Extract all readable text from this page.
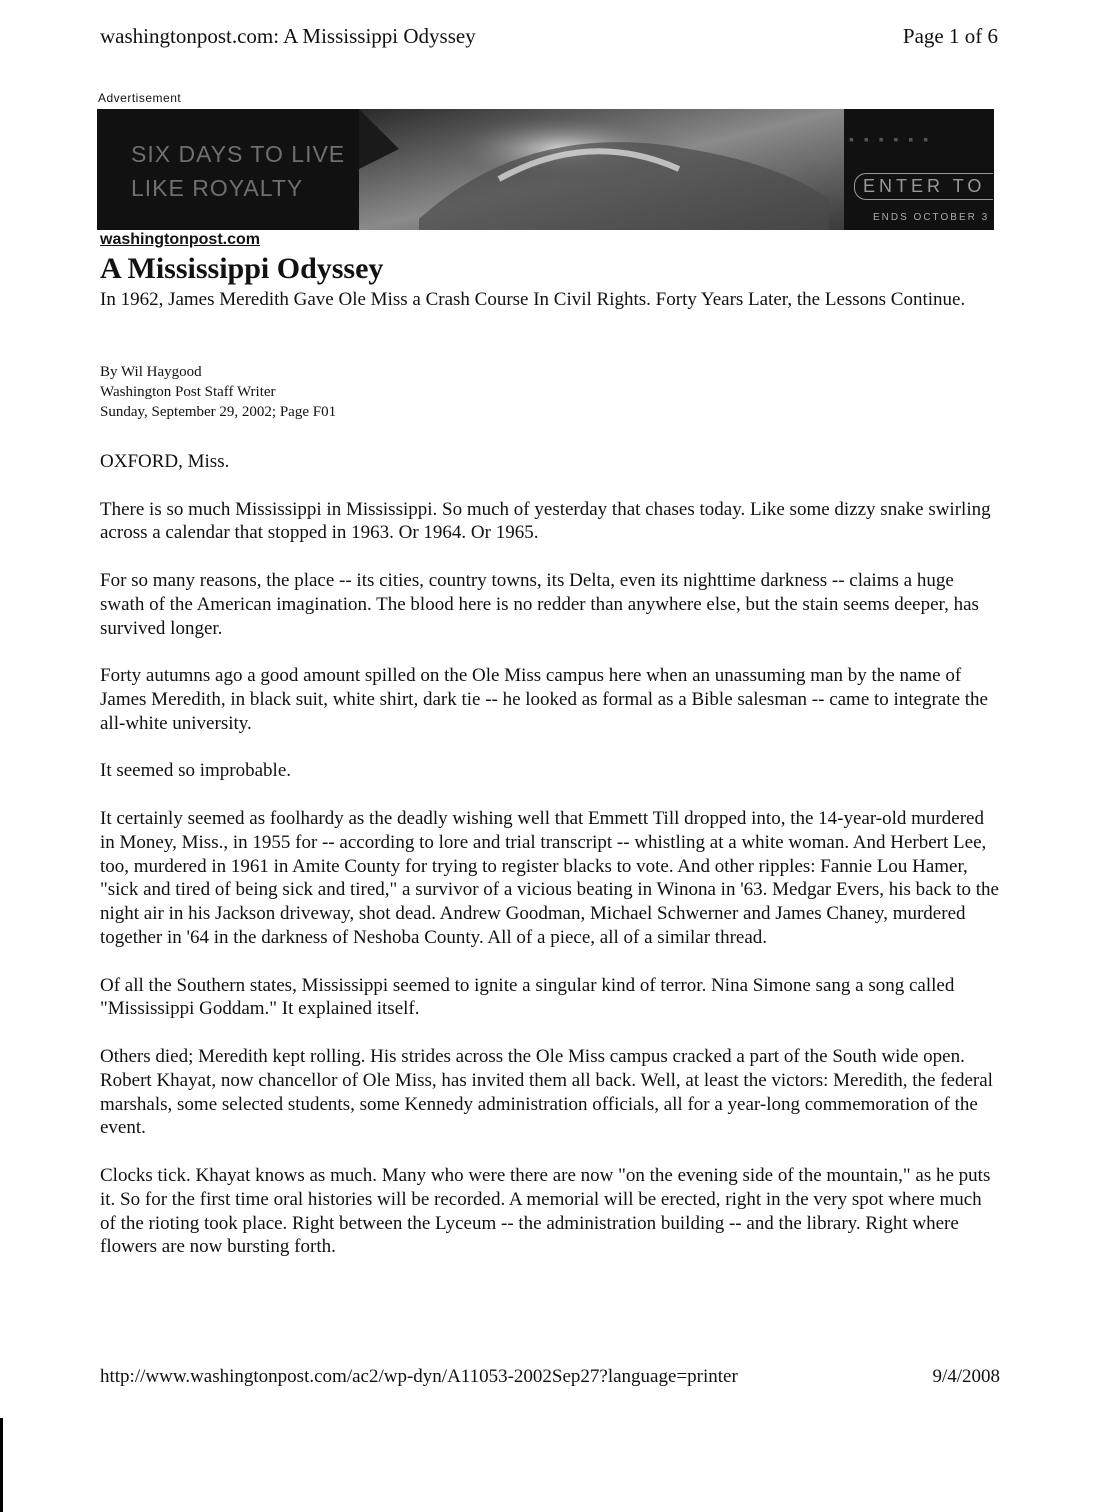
washingtonpost.com: A Mississippi Odyssey	Page 1 of 6
Advertisement
SIX DAYS TO LIVE
LIKE ROYALTY
▪ ▪ ▪ ▪ ▪ ▪
ENTER TO
ENDS OCTOBER 3
washingtonpost.com
A Mississippi Odyssey

In 1962, James Meredith Gave Ole Miss a Crash Course In Civil Rights. Forty Years Later, the Lessons Continue.

By Wil Haygood
Washington Post Staff Writer
Sunday, September 29, 2002; Page F01

OXFORD, Miss.

There is so much Mississippi in Mississippi. So much of yesterday that chases today. Like some dizzy snake swirling across a calendar that stopped in 1963. Or 1964. Or 1965.

For so many reasons, the place -- its cities, country towns, its Delta, even its nighttime darkness -- claims a huge swath of the American imagination. The blood here is no redder than anywhere else, but the stain seems deeper, has survived longer.

Forty autumns ago a good amount spilled on the Ole Miss campus here when an unassuming man by the name of James Meredith, in black suit, white shirt, dark tie -- he looked as formal as a Bible salesman -- came to integrate the all-white university.

It seemed so improbable.

It certainly seemed as foolhardy as the deadly wishing well that Emmett Till dropped into, the 14-year-old murdered in Money, Miss., in 1955 for -- according to lore and trial transcript -- whistling at a white woman. And Herbert Lee, too, murdered in 1961 in Amite County for trying to register blacks to vote. And other ripples: Fannie Lou Hamer, "sick and tired of being sick and tired," a survivor of a vicious beating in Winona in '63. Medgar Evers, his back to the night air in his Jackson driveway, shot dead. Andrew Goodman, Michael Schwerner and James Chaney, murdered together in '64 in the darkness of Neshoba County. All of a piece, all of a similar thread.

Of all the Southern states, Mississippi seemed to ignite a singular kind of terror. Nina Simone sang a song called "Mississippi Goddam." It explained itself.

Others died; Meredith kept rolling. His strides across the Ole Miss campus cracked a part of the South wide open. Robert Khayat, now chancellor of Ole Miss, has invited them all back. Well, at least the victors: Meredith, the federal marshals, some selected students, some Kennedy administration officials, all for a year-long commemoration of the event.

Clocks tick. Khayat knows as much. Many who were there are now "on the evening side of the mountain," as he puts it. So for the first time oral histories will be recorded. A memorial will be erected, right in the very spot where much of the rioting took place. Right between the Lyceum -- the administration building -- and the library. Right where flowers are now bursting forth.

http://www.washingtonpost.com/ac2/wp-dyn/A11053-2002Sep27?language=printer	9/4/2008
